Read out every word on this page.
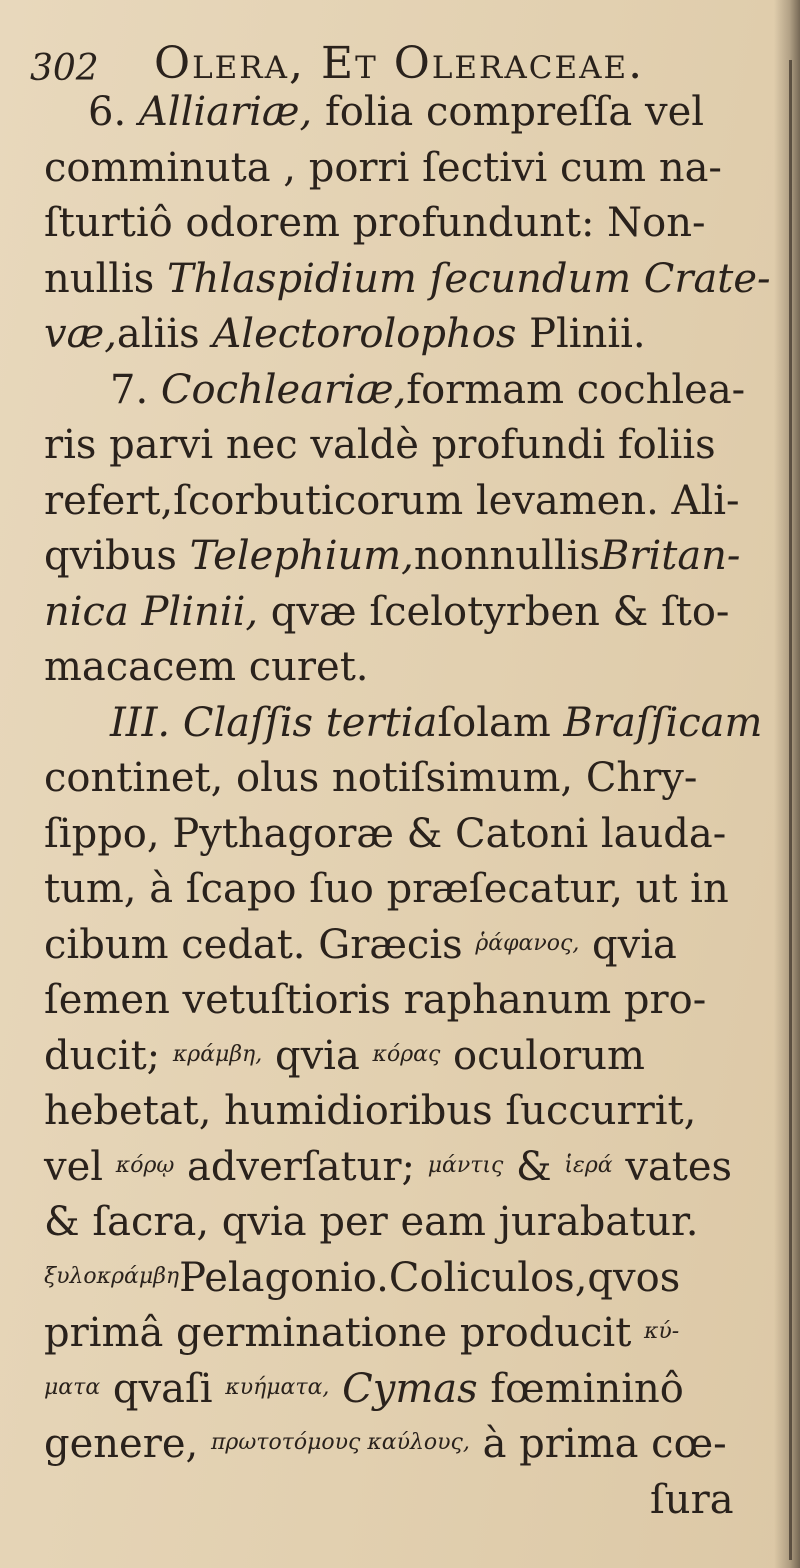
302 Olera, Et Oleraceae.
6. Alliariæ, folia compreſſa vel
comminuta , porri ſectivi cum na-
ſturtiô odorem profundunt: Non-
nullis Thlaspidium ſecundum Crate-
væ,aliis Alectorolophos Plinii.
7. Cochleariæ,formam cochlea-
ris parvi nec valdè profundi foliis
refert,ſcorbuticorum levamen. Ali-
qvibus Telephium,nonnullisBritan-
nica Plinii, qvæ ſcelotyrben & ſto-
macacem curet.
III. Claſſis tertiaſolam Braſſicam
continet, olus notiſsimum, Chry-
ſippo, Pythagoræ & Catoni lauda-
tum, à ſcapo ſuo præſecatur, ut in
cibum cedat. Græcis $^{ῥά\varphi\alpha\nu o\varsigma,}$ qvia
ſemen vetuſtioris raphanum pro-
ducit; $^{\kappa\rho ά\mu\beta\eta,}$ qvia $^{\kappa ό\rho\alpha\varsigma}$ oculorum
hebetat, humidioribus ſuccurrit,
vel $^{\kappa ό\rho ῳ}$ adverſatur; $^{\mu ά\nu\tau\iota\varsigma}$ & $^{ἱ\varepsilon\rho ά}$ vates
& ſacra, qvia per eam jurabatur.
$^{\xi\upsilon\lambda o\kappa\rho ά\mu\beta\eta}$Pelagonio.Coliculos,qvos
primâ germinatione producit $^{\kappa ύ-}$
$^{\mu\alpha\tau\alpha}$ qvaſi $^{\kappa\upsilon ή\mu\alpha\tau\alpha,}$ Cymas fœmininô
genere, $^{\pi\rho\omega\tau o\tau ό\mu o\upsilon\varsigma \kappa\alpha ύ\lambda o\upsilon\varsigma,}$ à prima cœ-
ſura
